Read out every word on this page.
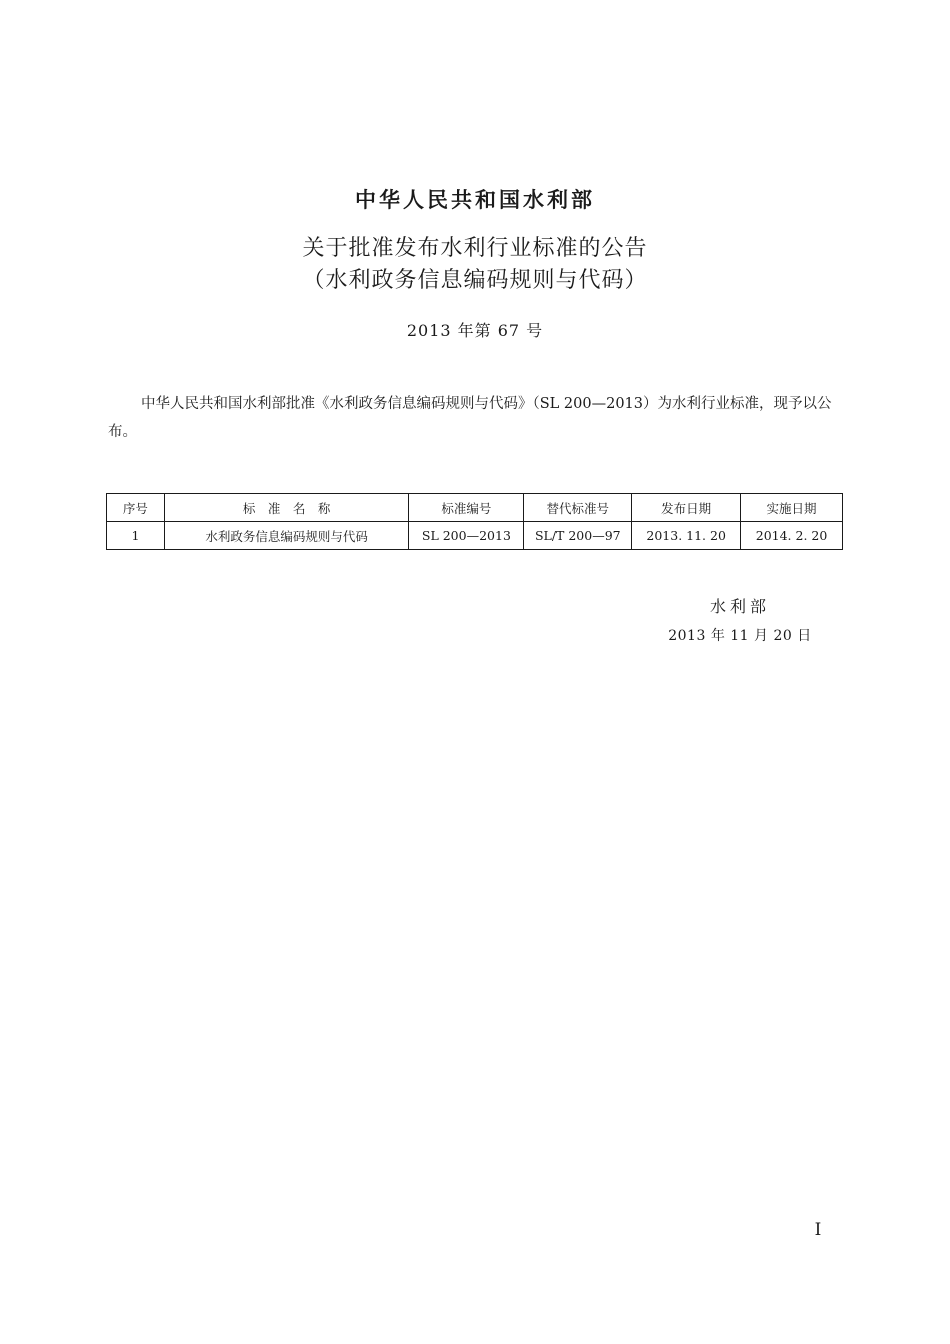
中华人民共和国水利部
关于批准发布水利行业标准的公告
（水利政务信息编码规则与代码）
2013 年第 67 号
中华人民共和国水利部批准《水利政务信息编码规则与代码》（SL 200—2013）为水利行业标准，现予以公布。
序号	标　准　名　称	标准编号	替代标准号	发布日期	实施日期
1	水利政务信息编码规则与代码	SL 200—2013	SL/T 200—97	2013. 11. 20	2014. 2. 20
水利部
2013 年 11 月 20 日
I
